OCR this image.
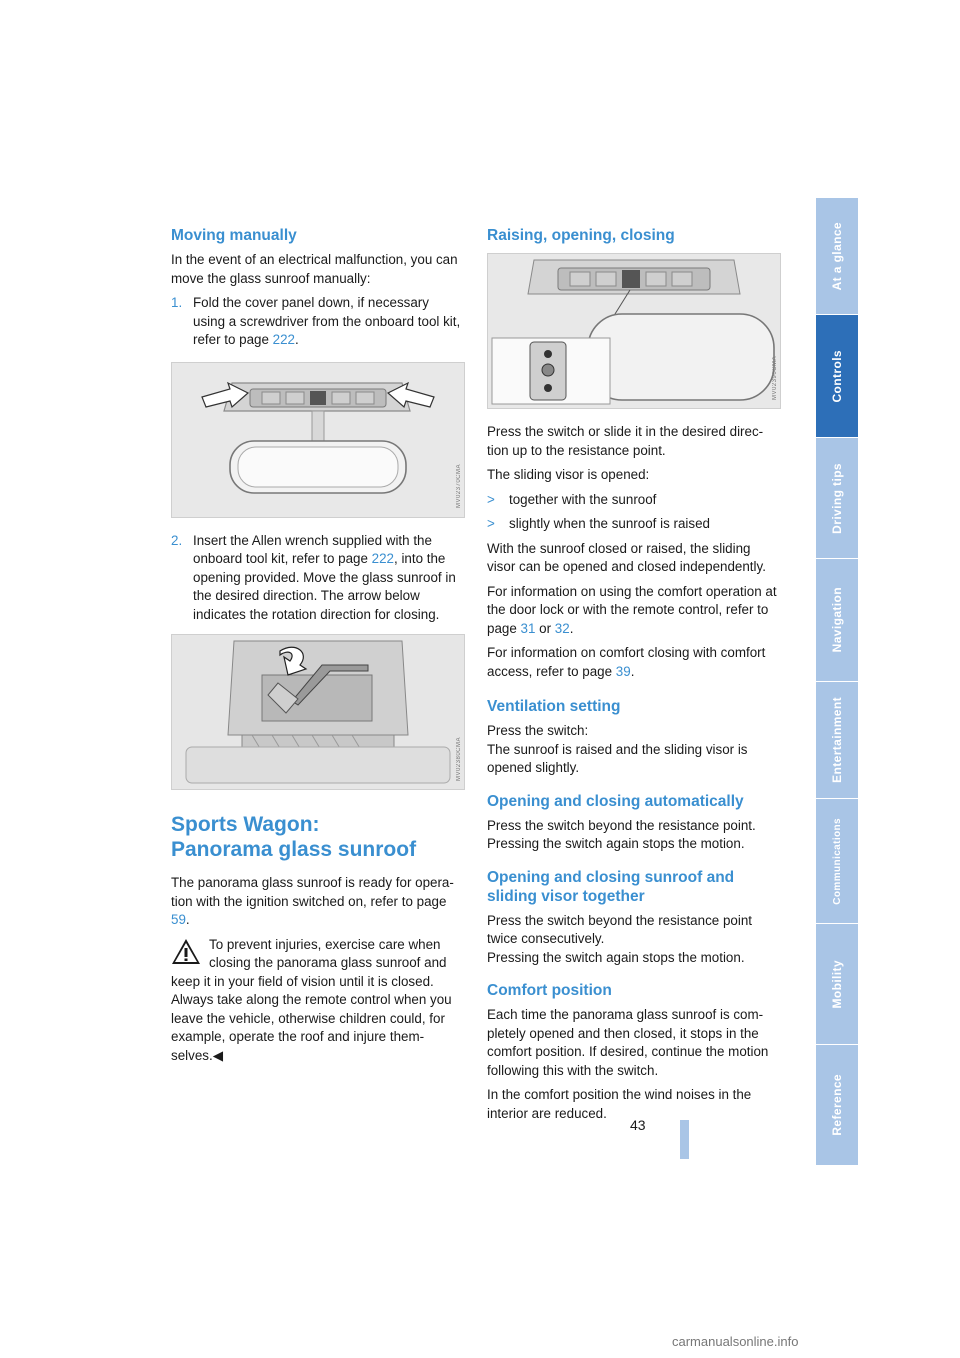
Moving manually

In the event of an electrical malfunction, you can move the glass sunroof manually:

1. Fold the cover panel down, if necessary using a screwdriver from the onboard tool kit, refer to page 222.
MV02370CMA
2. Insert the Allen wrench supplied with the onboard tool kit, refer to page 222, into the opening provided. Move the glass sunroof in the desired direction. The arrow below indicates the rotation direction for closing.
MV02380CMA
Sports Wagon:
Panorama glass sunroof

The panorama glass sunroof is ready for opera-tion with the ignition switched on, refer to page 59.

To prevent injuries, exercise care when closing the panorama glass sunroof and

keep it in your field of vision until it is closed. Always take along the remote control when you leave the vehicle, otherwise children could, for example, operate the roof and injure them-selves.◀

Raising, opening, closing
MV02390CMA

Press the switch or slide it in the desired direc-tion up to the resistance point.

The sliding visor is opened:

>	together with the sunroof
>	slightly when the sunroof is raised

With the sunroof closed or raised, the sliding visor can be opened and closed independently.

For information on using the comfort operation at the door lock or with the remote control, refer to page 31 or 32.

For information on comfort closing with comfort access, refer to page 39.

Ventilation setting

Press the switch:
The sunroof is raised and the sliding visor is opened slightly.

Opening and closing automatically

Press the switch beyond the resistance point.
Pressing the switch again stops the motion.

Opening and closing sunroof and
sliding visor together

Press the switch beyond the resistance point twice consecutively.
Pressing the switch again stops the motion.

Comfort position

Each time the panorama glass sunroof is com-pletely opened and then closed, it stops in the comfort position. If desired, continue the motion following this with the switch.

In the comfort position the wind noises in the interior are reduced.

At a glance
Controls
Driving tips
Navigation
Entertainment
Communications
Mobility
Reference
43
carmanualsonline.info
